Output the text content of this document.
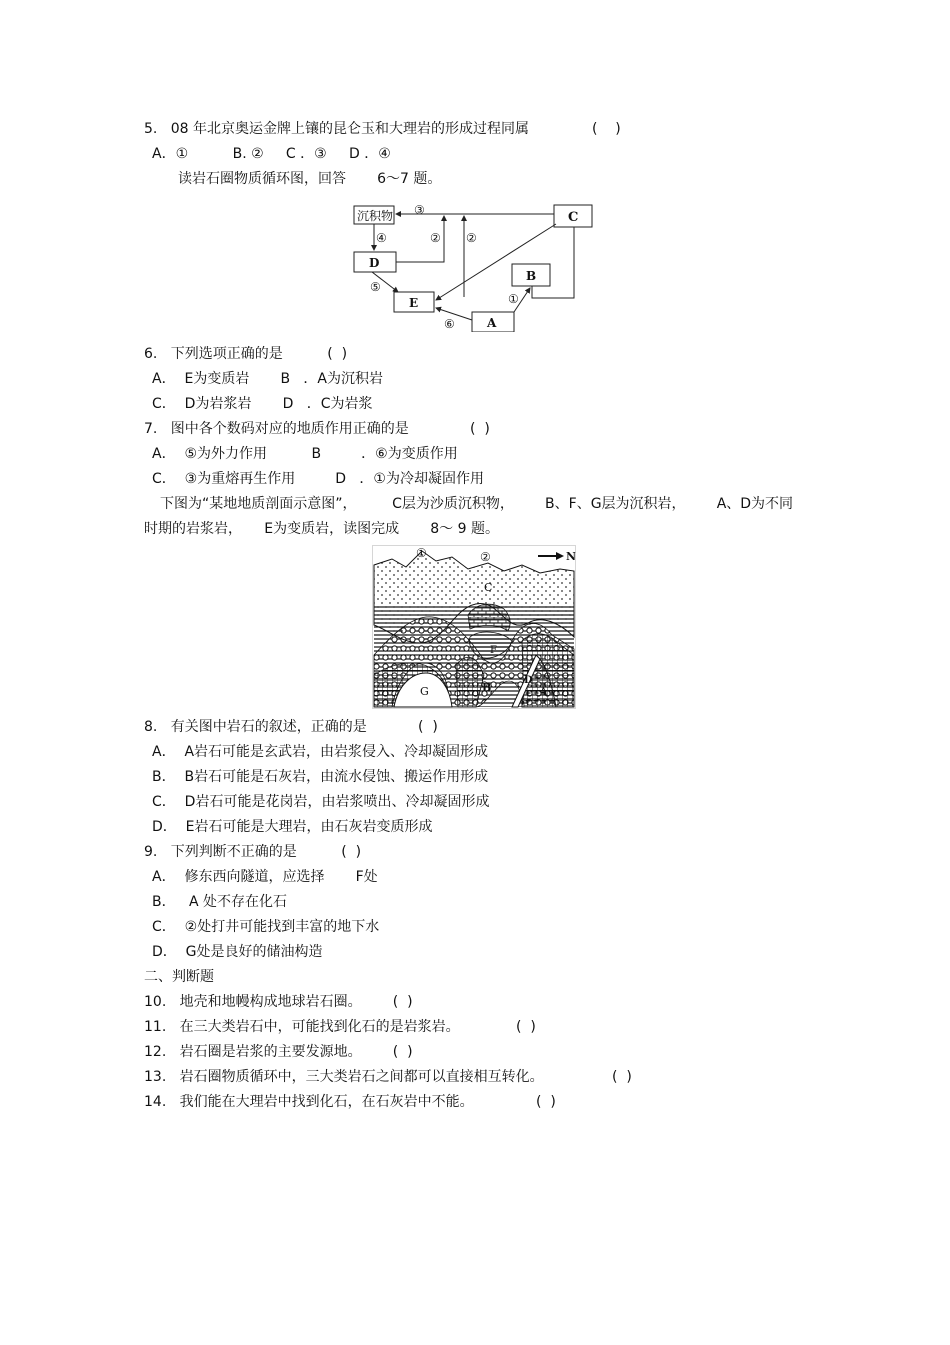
5.   08 年北京奥运金牌上镶的昆仑玉和大理岩的形成过程同属	(    )
A．①          B. ②     C ．③     D ．④
读岩石圈物质循环图，回答       6～7 题。
沉积物	C
D
B
E
A
③
④	② ②
⑤
①
⑥
6.   下列选项正确的是          (  )
A．  E为变质岩       B   ．A为沉积岩
C．  D为岩浆岩       D   ．C为岩浆
7.   图中各个数码对应的地质作用正确的是	(  )
A．  ⑤为外力作用          B         ．⑥为变质作用
C．  ③为重熔再生作用         D   ．①为冷却凝固作用
下图为“某地地质剖面示意图”，        C层为沙质沉积物，       B、F、G层为沉积岩，       A、D为不同
时期的岩浆岩，     E为变质岩，读图完成       8～ 9 题。
N
①	②
C
F
G	B
D
A
8.   有关图中岩石的叙述，正确的是	(  )
A．  A岩石可能是玄武岩，由岩浆侵入、冷却凝固形成
B．  B岩石可能是石灰岩，由流水侵蚀、搬运作用形成
C．  D岩石可能是花岗岩，由岩浆喷出、冷却凝固形成
D．  E岩石可能是大理岩，由石灰岩变质形成
9.   下列判断不正确的是          (  )
A．  修东西向隧道，应选择       F处
B．   A 处不存在化石
C．  ②处打井可能找到丰富的地下水
D．  G处是良好的储油构造
二、判断题
10.   地壳和地幔构成地球岩石圈。       (  )
11.   在三大类岩石中，可能找到化石的是岩浆岩。	(  )
12.   岩石圈是岩浆的主要发源地。       (  )
13.   岩石圈物质循环中，三大类岩石之间都可以直接相互转化。	(  )
14.   我们能在大理岩中找到化石，在石灰岩中不能。	(  )
